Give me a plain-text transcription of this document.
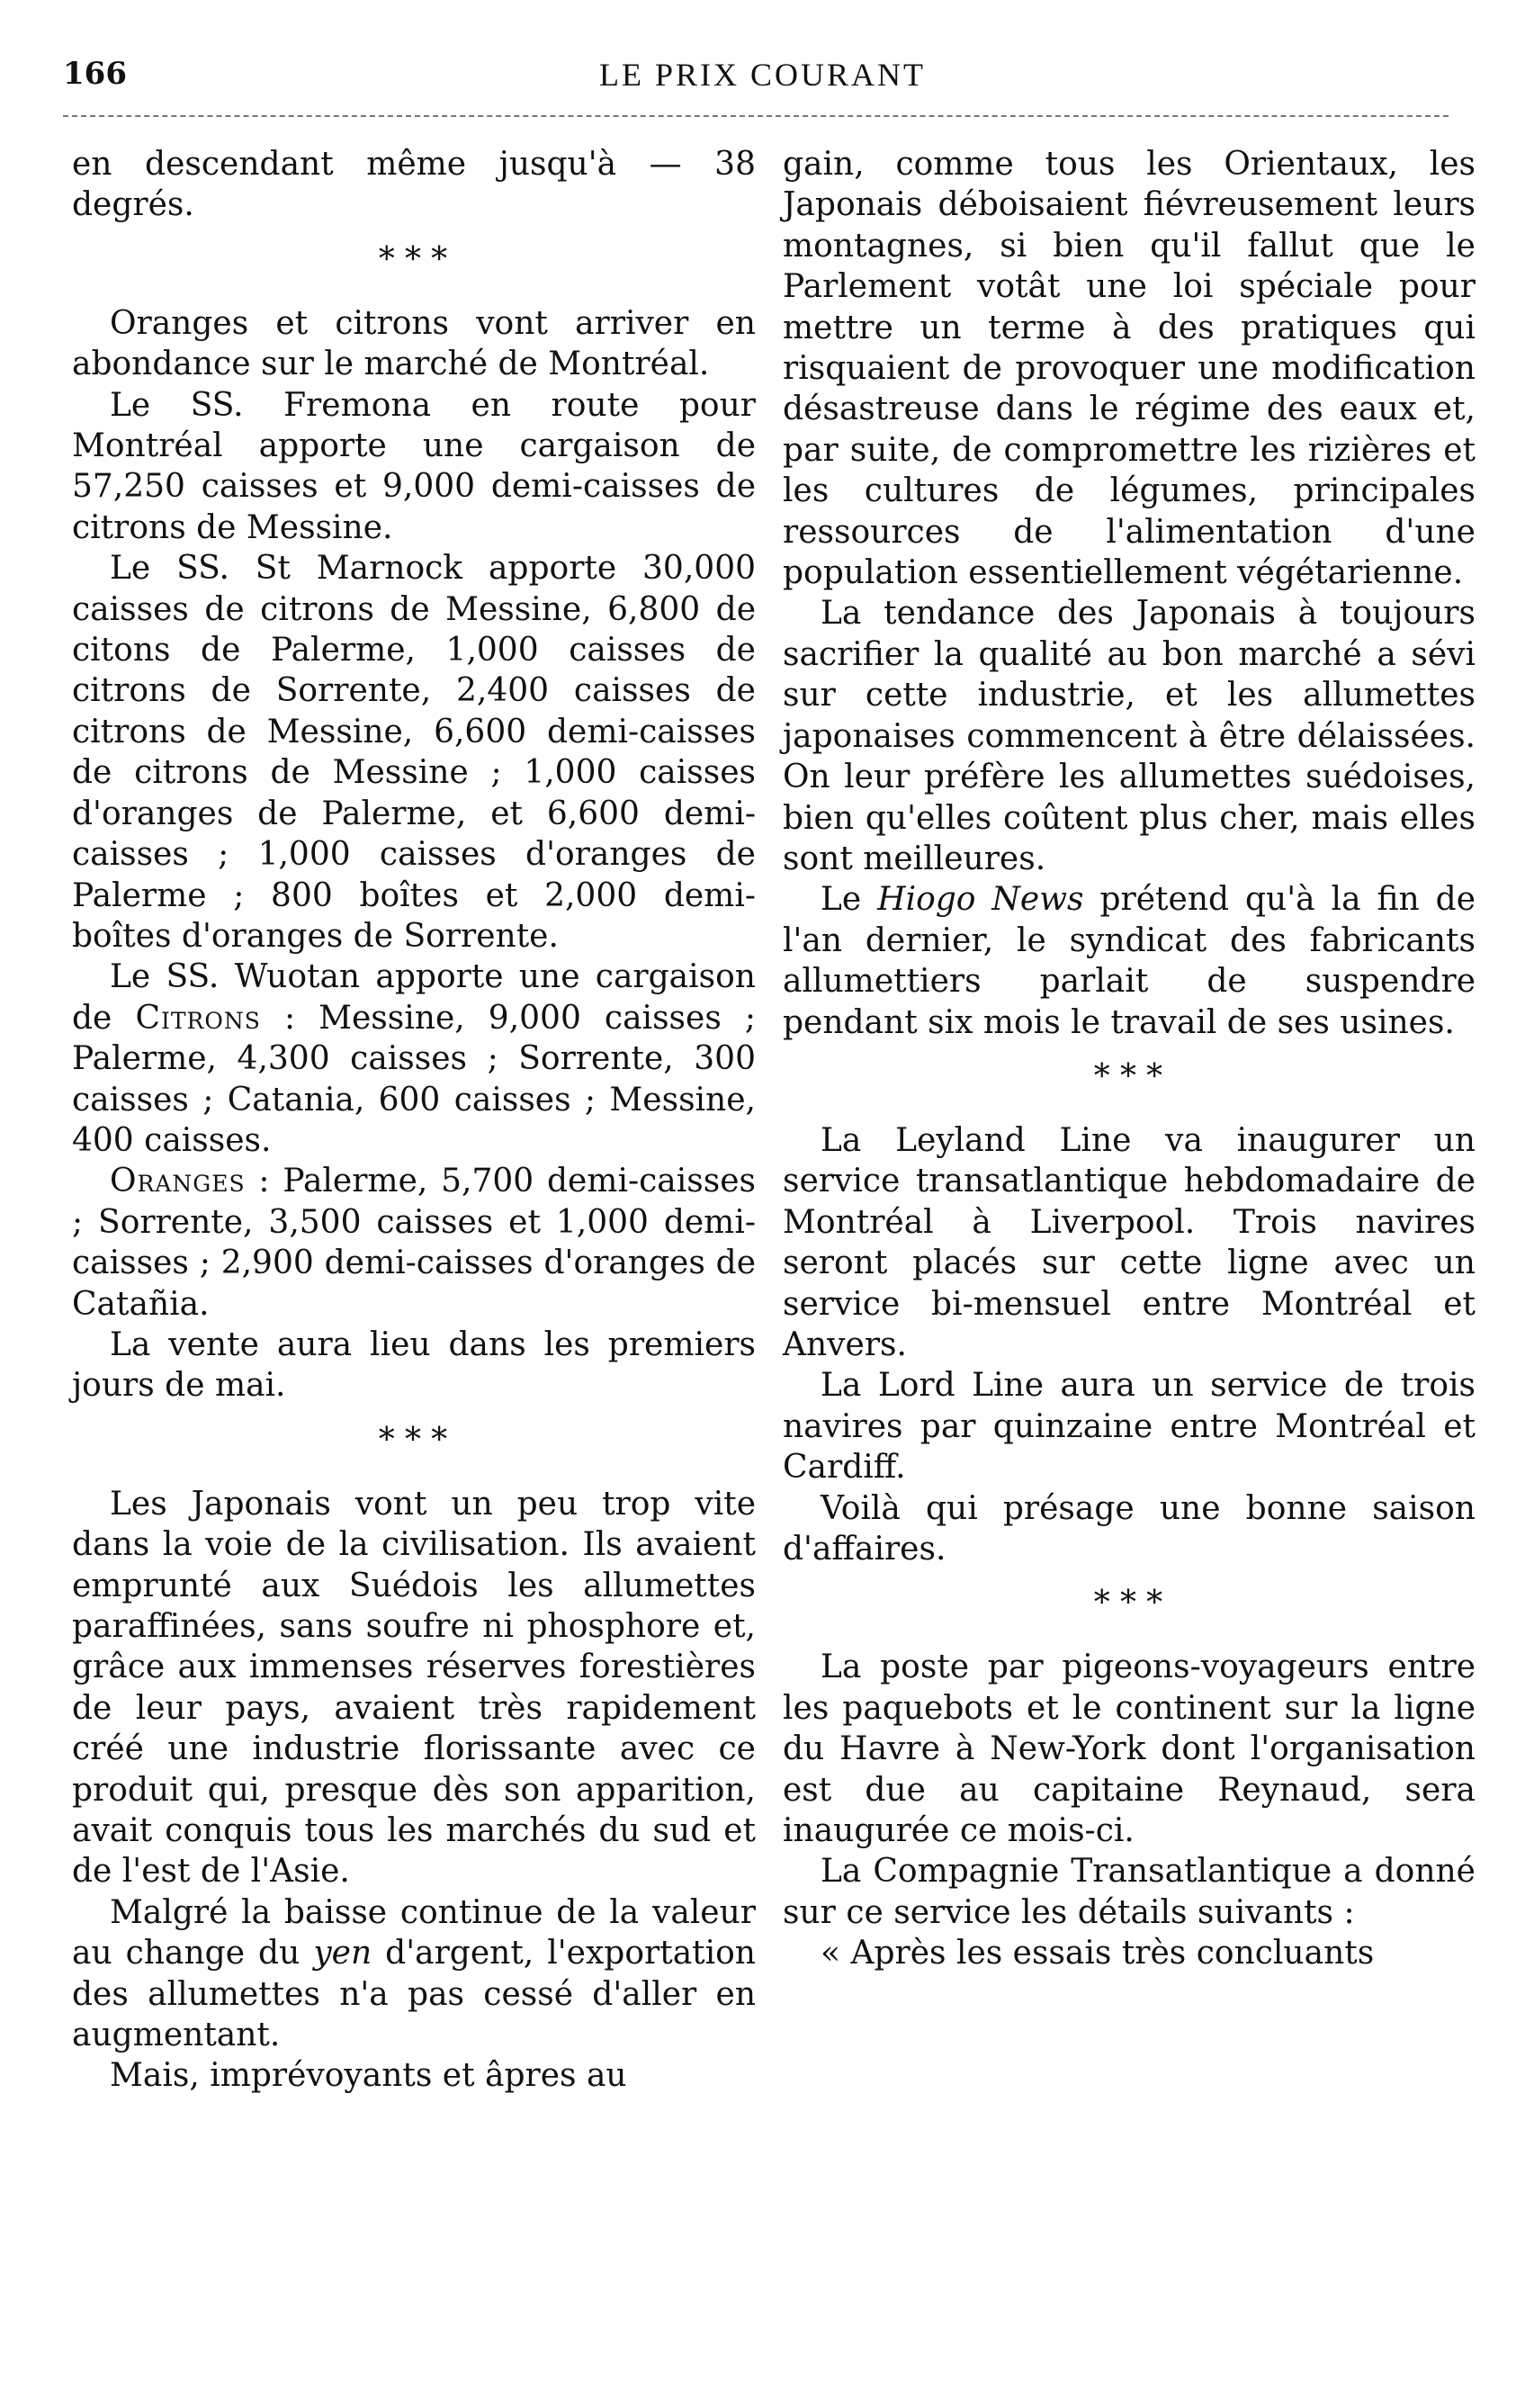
166	LE PRIX COURANT

en descendant même jusqu'à — 38 degrés.

* * *

Oranges et citrons vont arriver en abondance sur le marché de Montréal.

Le SS. Fremona en route pour Montréal apporte une cargaison de 57,250 caisses et 9,000 demi-caisses de citrons de Messine.

Le SS. St Marnock apporte 30,000 caisses de citrons de Messine, 6,800 de citons de Palerme, 1,000 caisses de citrons de Sorrente, 2,400 caisses de citrons de Messine, 6,600 demi-caisses de citrons de Messine ; 1,000 caisses d'oranges de Palerme, et 6,600 demi-caisses ; 1,000 caisses d'oranges de Palerme ; 800 boîtes et 2,000 demi-boîtes d'oranges de Sorrente.

Le SS. Wuotan apporte une cargaison de Citrons : Messine, 9,000 caisses ; Palerme, 4,300 caisses ; Sorrente, 300 caisses ; Catania, 600 caisses ; Messine, 400 caisses.

Oranges : Palerme, 5,700 demi-caisses ; Sorrente, 3,500 caisses et 1,000 demi-caisses ; 2,900 demi-caisses d'oranges de Catañia.

La vente aura lieu dans les premiers jours de mai.

* * *

Les Japonais vont un peu trop vite dans la voie de la civilisation. Ils avaient emprunté aux Suédois les allumettes paraffinées, sans soufre ni phosphore et, grâce aux immenses réserves forestières de leur pays, avaient très rapidement créé une industrie florissante avec ce produit qui, presque dès son apparition, avait conquis tous les marchés du sud et de l'est de l'Asie.

Malgré la baisse continue de la valeur au change du yen d'argent, l'exportation des allumettes n'a pas cessé d'aller en augmentant.

Mais, imprévoyants et âpres au

gain, comme tous les Orientaux, les Japonais déboisaient fiévreusement leurs montagnes, si bien qu'il fallut que le Parlement votât une loi spéciale pour mettre un terme à des pratiques qui risquaient de provoquer une modification désastreuse dans le régime des eaux et, par suite, de compromettre les rizières et les cultures de légumes, principales ressources de l'alimentation d'une population essentiellement végétarienne.

La tendance des Japonais à toujours sacrifier la qualité au bon marché a sévi sur cette industrie, et les allumettes japonaises commencent à être délaissées. On leur préfère les allumettes suédoises, bien qu'elles coûtent plus cher, mais elles sont meilleures.

Le Hiogo News prétend qu'à la fin de l'an dernier, le syndicat des fabricants allumettiers parlait de suspendre pendant six mois le travail de ses usines.

* * *

La Leyland Line va inaugurer un service transatlantique hebdomadaire de Montréal à Liverpool. Trois navires seront placés sur cette ligne avec un service bi-mensuel entre Montréal et Anvers.

La Lord Line aura un service de trois navires par quinzaine entre Montréal et Cardiff.

Voilà qui présage une bonne saison d'affaires.

* * *

La poste par pigeons-voyageurs entre les paquebots et le continent sur la ligne du Havre à New-York dont l'organisation est due au capitaine Reynaud, sera inaugurée ce mois-ci.

La Compagnie Transatlantique a donné sur ce service les détails suivants :

« Après les essais très concluants
